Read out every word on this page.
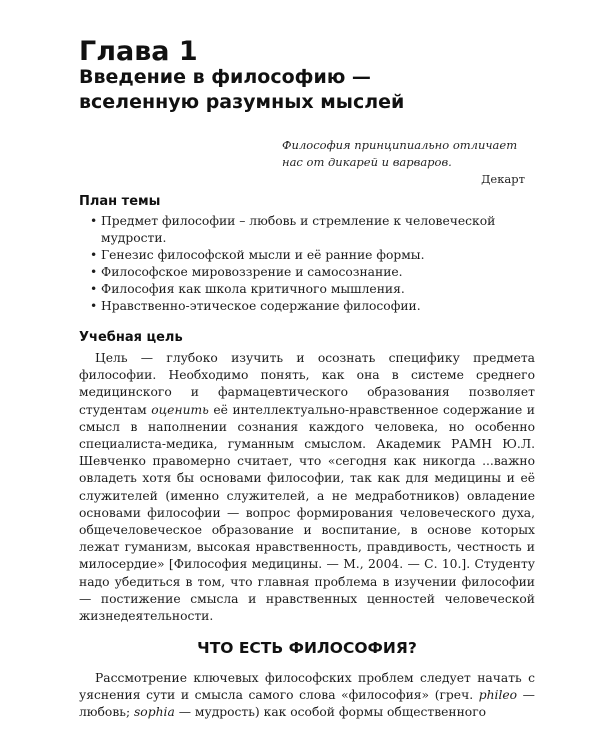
Глава 1
Введение в философию —
вселенную разумных мыслей
Философия принципиально отличает нас от дикарей и варваров.
Декарт
План темы
• Предмет философии – любовь и стремление к человеческой мудрости.
• Генезис философской мысли и её ранние формы.
• Философское мировоззрение и самосознание.
• Философия как школа критичного мышления.
• Нравственно-этическое содержание философии.
Учебная цель

Цель — глубоко изучить и осознать специфику предмета философии. Необходимо понять, как она в системе среднего медицинского и фармацевтического образования позволяет студентам оценить её интеллектуально-нравственное содержание и смысл в наполнении сознания каждого человека, но особенно специалиста-медика, гуманным смыслом. Академик РАМН Ю.Л. Шевченко правомерно считает, что «сегодня как никогда ...важно овладеть хотя бы основами философии, так как для медицины и её служителей (именно служителей, а не медработников) овладение основами философии — вопрос формирования человеческого духа, общечеловеческое образование и воспитание, в основе которых лежат гуманизм, высокая нравственность, правдивость, честность и милосердие» [Философия медицины. — М., 2004. — С. 10.]. Студенту надо убедиться в том, что главная проблема в изучении философии — постижение смысла и нравственных ценностей человеческой жизнедеятельности.

ЧТО ЕСТЬ ФИЛОСОФИЯ?

Рассмотрение ключевых философских проблем следует начать с уяснения сути и смысла самого слова «философия» (греч. phileo — любовь; sophia — мудрость) как особой формы общественного
